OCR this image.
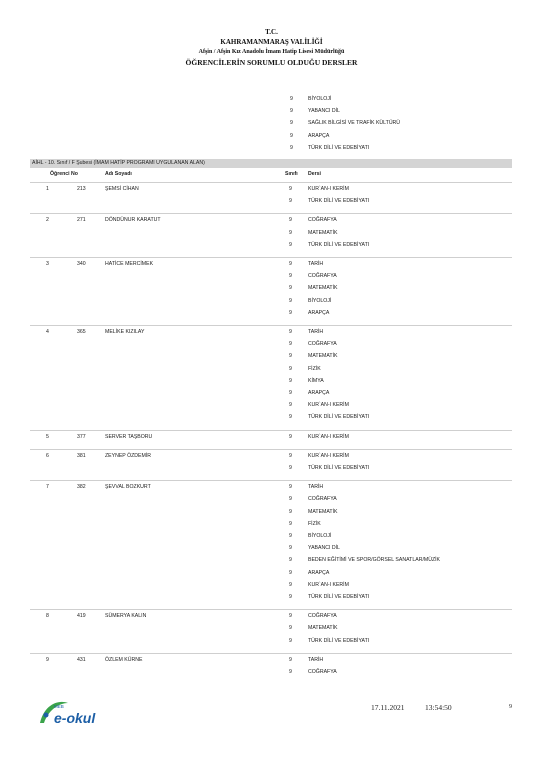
T.C.
KAHRAMANMARAŞ VALİLİĞİ
Afşin / Afşin Kız Anadolu İmam Hatip Lisesi Müdürlüğü
ÖĞRENCİLERİN SORUMLU OLDUĞU DERSLER
9	BİYOLOJİ
9	YABANCI DİL
9	SAĞLIK BİLGİSİ VE TRAFİK KÜLTÜRÜ
9	ARAPÇA
9	TÜRK DİLİ VE EDEBİYATI
AİHL - 10. Sınıf / F Şubesi (İMAM HATİP PROGRAMI UYGULANAN ALAN)
Öğrenci No	Adı Soyadı	Sınıfı Dersi
1	213	ŞEMSİ CİHAN	9	KUR`AN-I KERİM
9	TÜRK DİLİ VE EDEBİYATI
2	271	DÖNDÜNUR KARATUT	9	COĞRAFYA
9	MATEMATİK
9	TÜRK DİLİ VE EDEBİYATI
3	340	HATİCE MERCİMEK	9	TARİH
9	COĞRAFYA
9	MATEMATİK
9	BİYOLOJİ
9	ARAPÇA
4	365	MELİKE KIZILAY	9	TARİH
9	COĞRAFYA
9	MATEMATİK
9	FİZİK
9	KİMYA
9	ARAPÇA
9	KUR`AN-I KERİM
9	TÜRK DİLİ VE EDEBİYATI
5	377	SERVER TAŞBORU	9	KUR`AN-I KERİM
6	381	ZEYNEP ÖZDEMİR	9	KUR`AN-I KERİM
9	TÜRK DİLİ VE EDEBİYATI
7	382	ŞEVVAL BOZKURT	9	TARİH
9	COĞRAFYA
9	MATEMATİK
9	FİZİK
9	BİYOLOJİ
9	YABANCI DİL
9	BEDEN EĞİTİMİ VE SPOR/GÖRSEL SANATLAR/MÜZİK
9	ARAPÇA
9	KUR`AN-I KERİM
9	TÜRK DİLİ VE EDEBİYATI
8	419	SÜMERYA KALIN	9	COĞRAFYA
9	MATEMATİK
9	TÜRK DİLİ VE EDEBİYATI
9	431	ÖZLEM KÜRNE	9	TARİH
9	COĞRAFYA
MEB
e-okul
17.11.2021	13:54:50	9
